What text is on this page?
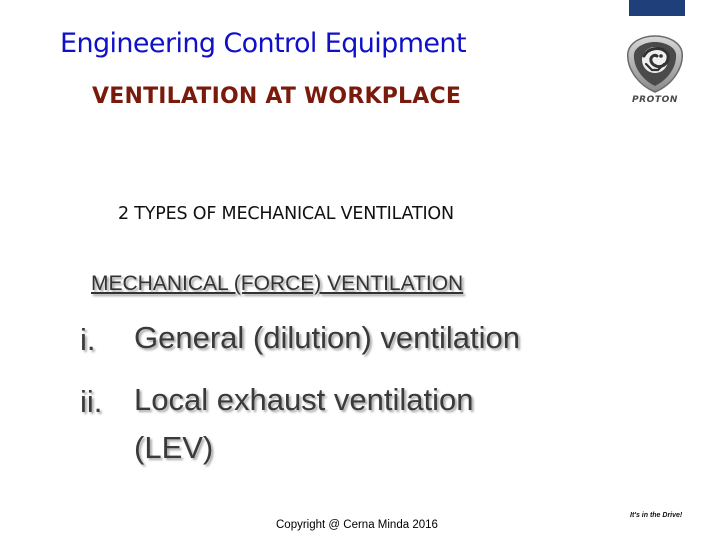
Engineering Control Equipment
VENTILATION AT WORKPLACE	PROTON
2 TYPES OF MECHANICAL VENTILATION
MECHANICAL (FORCE) VENTILATION
i. General (dilution) ventilation
ii. Local exhaust ventilation
(LEV)
Copyright @ Cerna Minda 2016
It's in the Drive!
